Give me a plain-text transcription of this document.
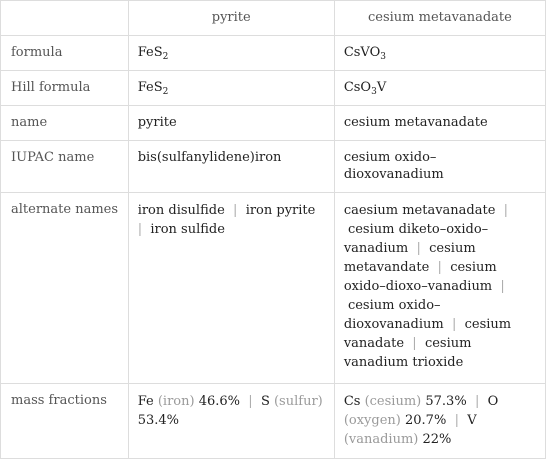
	pyrite	cesium metavanadate
formula	FeS$_2$	CsVO$_3$
Hill formula	FeS$_2$	CsO$_3$V
name	pyrite	cesium metavanadate
IUPAC name	bis(sulfanylidene)iron	cesium oxido–dioxovanadium
alternate names	iron disulfide  |  iron pyrite  |  iron sulfide	caesium metavanadate  |  cesium diketo–oxido–vanadium  |  cesium metavandate  |  cesium oxido–dioxo–vanadium  |  cesium oxido–dioxovanadium  |  cesium vanadate  |  cesium vanadium trioxide
mass fractions	Fe (iron) 46.6%  |  S (sulfur) 53.4%	Cs (cesium) 57.3%  |  O (oxygen) 20.7%  |  V (vanadium) 22%
